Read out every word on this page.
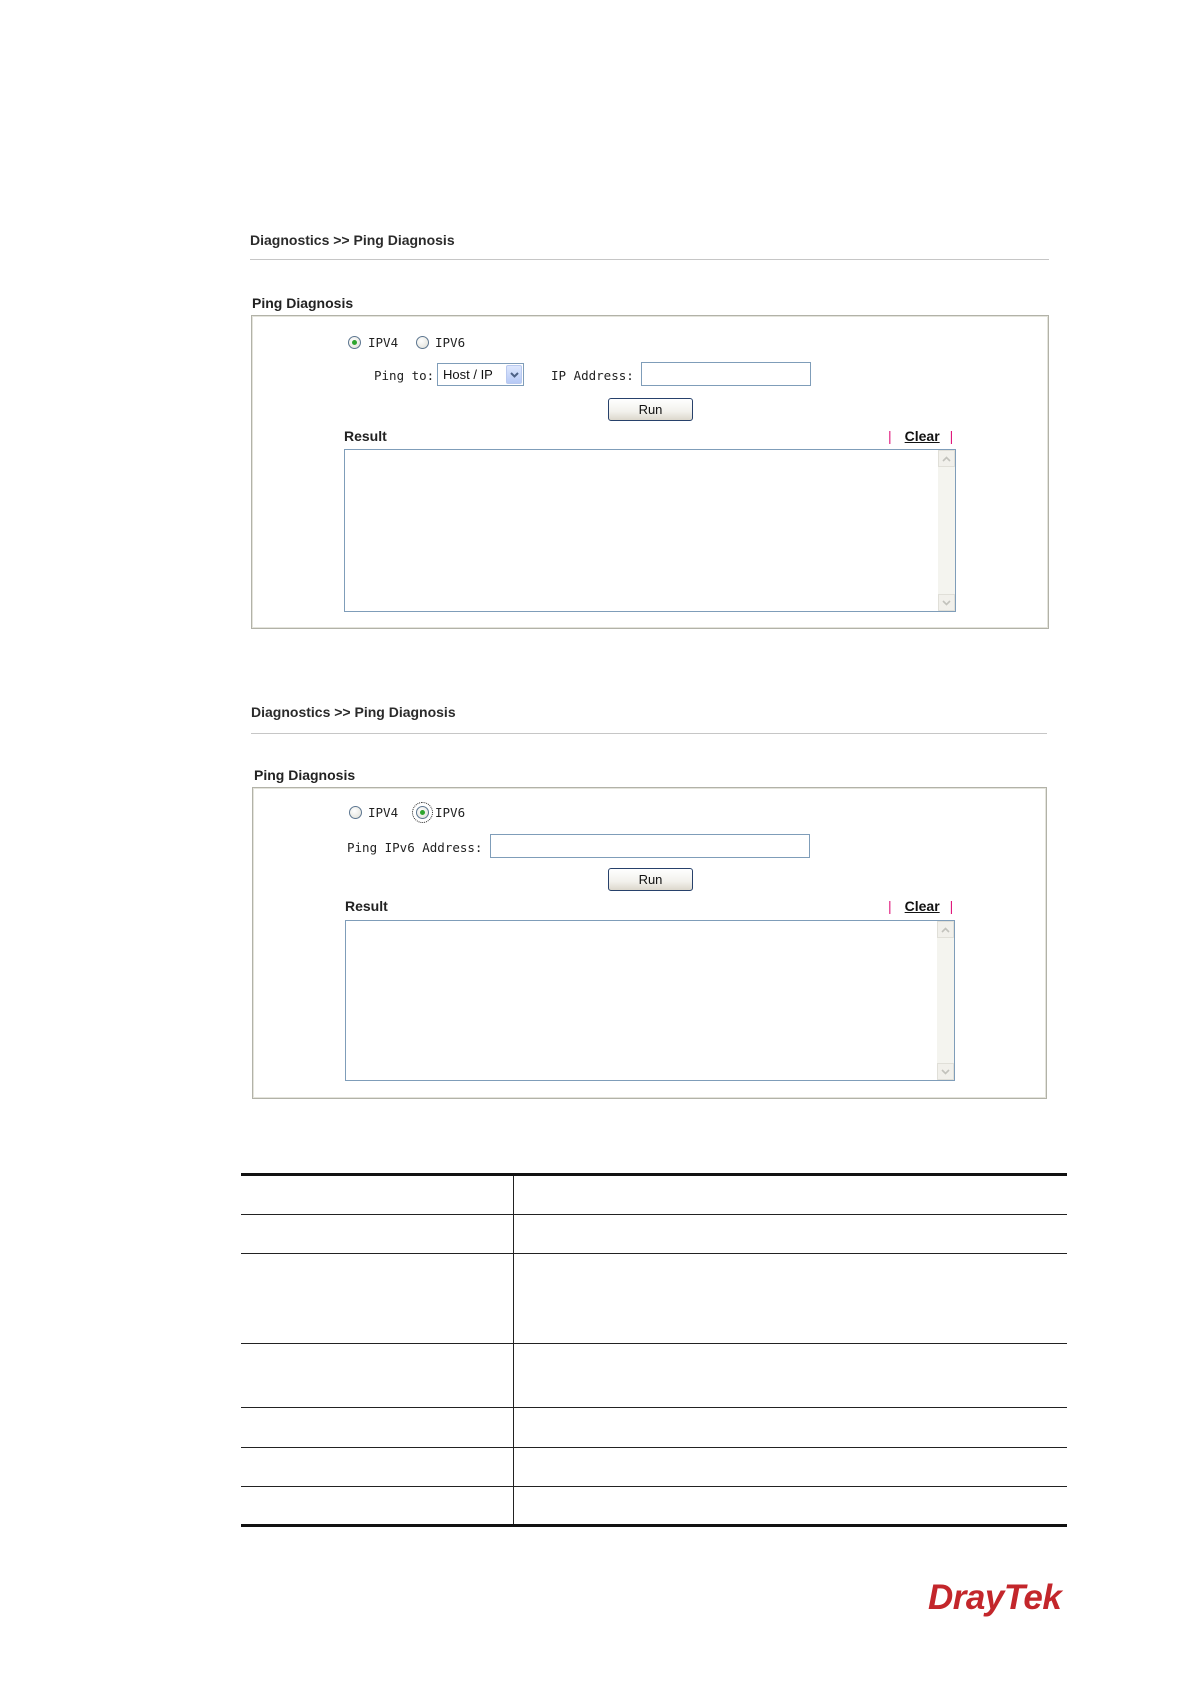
Diagnostics >> Ping Diagnosis
Ping Diagnosis
IPV4	IPV6
Ping to: Host / IP	IP Address:
Run
Result	| Clear |
Diagnostics >> Ping Diagnosis
Ping Diagnosis
IPV4	IPV6
Ping IPv6 Address:
Run
Result	| Clear |

DrayTek
